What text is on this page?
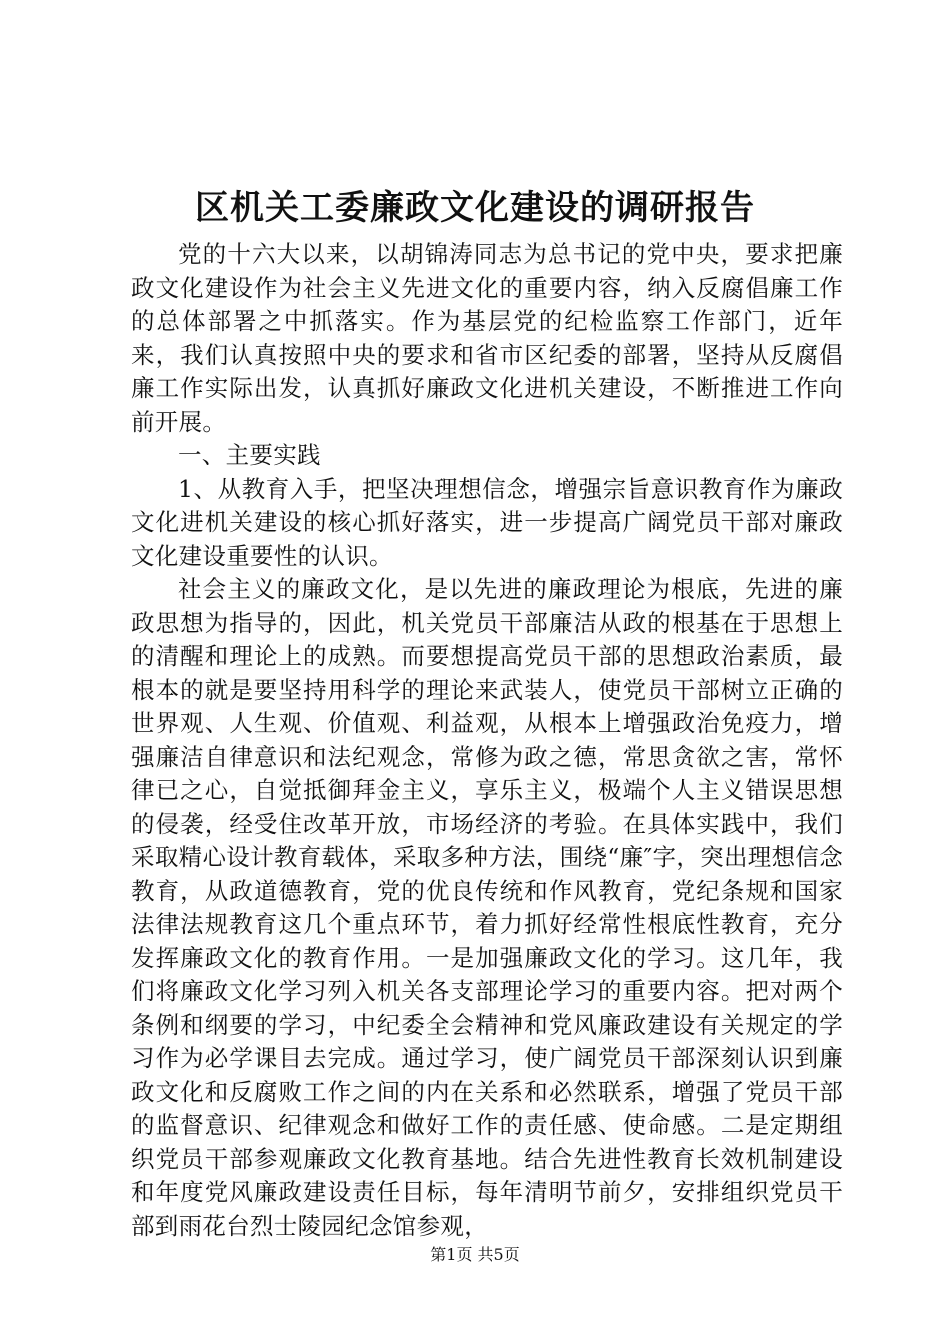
区机关工委廉政文化建设的调研报告

党的十六大以来，以胡锦涛同志为总书记的党中央，要求把廉政文化建设作为社会主义先进文化的重要内容，纳入反腐倡廉工作的总体部署之中抓落实。作为基层党的纪检监察工作部门，近年来，我们认真按照中央的要求和省市区纪委的部署，坚持从反腐倡廉工作实际出发，认真抓好廉政文化进机关建设，不断推进工作向前开展。

一、主要实践

1、从教育入手，把坚决理想信念，增强宗旨意识教育作为廉政文化进机关建设的核心抓好落实，进一步提高广阔党员干部对廉政文化建设重要性的认识。

社会主义的廉政文化，是以先进的廉政理论为根底，先进的廉政思想为指导的，因此，机关党员干部廉洁从政的根基在于思想上的清醒和理论上的成熟。而要想提高党员干部的思想政治素质，最根本的就是要坚持用科学的理论来武装人，使党员干部树立正确的世界观、人生观、价值观、利益观，从根本上增强政治免疫力，增强廉洁自律意识和法纪观念，常修为政之德，常思贪欲之害，常怀律已之心，自觉抵御拜金主义，享乐主义，极端个人主义错误思想的侵袭，经受住改革开放，市场经济的考验。在具体实践中，我们采取精心设计教育载体，采取多种方法，围绕“廉″字，突出理想信念教育，从政道德教育，党的优良传统和作风教育，党纪条规和国家法律法规教育这几个重点环节，着力抓好经常性根底性教育，充分发挥廉政文化的教育作用。一是加强廉政文化的学习。这几年，我们将廉政文化学习列入机关各支部理论学习的重要内容。把对两个条例和纲要的学习，中纪委全会精神和党风廉政建设有关规定的学习作为必学课目去完成。通过学习，使广阔党员干部深刻认识到廉政文化和反腐败工作之间的内在关系和必然联系，增强了党员干部的监督意识、纪律观念和做好工作的责任感、使命感。二是定期组织党员干部参观廉政文化教育基地。结合先进性教育长效机制建设和年度党风廉政建设责任目标，每年清明节前夕，安排组织党员干部到雨花台烈士陵园纪念馆参观，

第1页 共5页
